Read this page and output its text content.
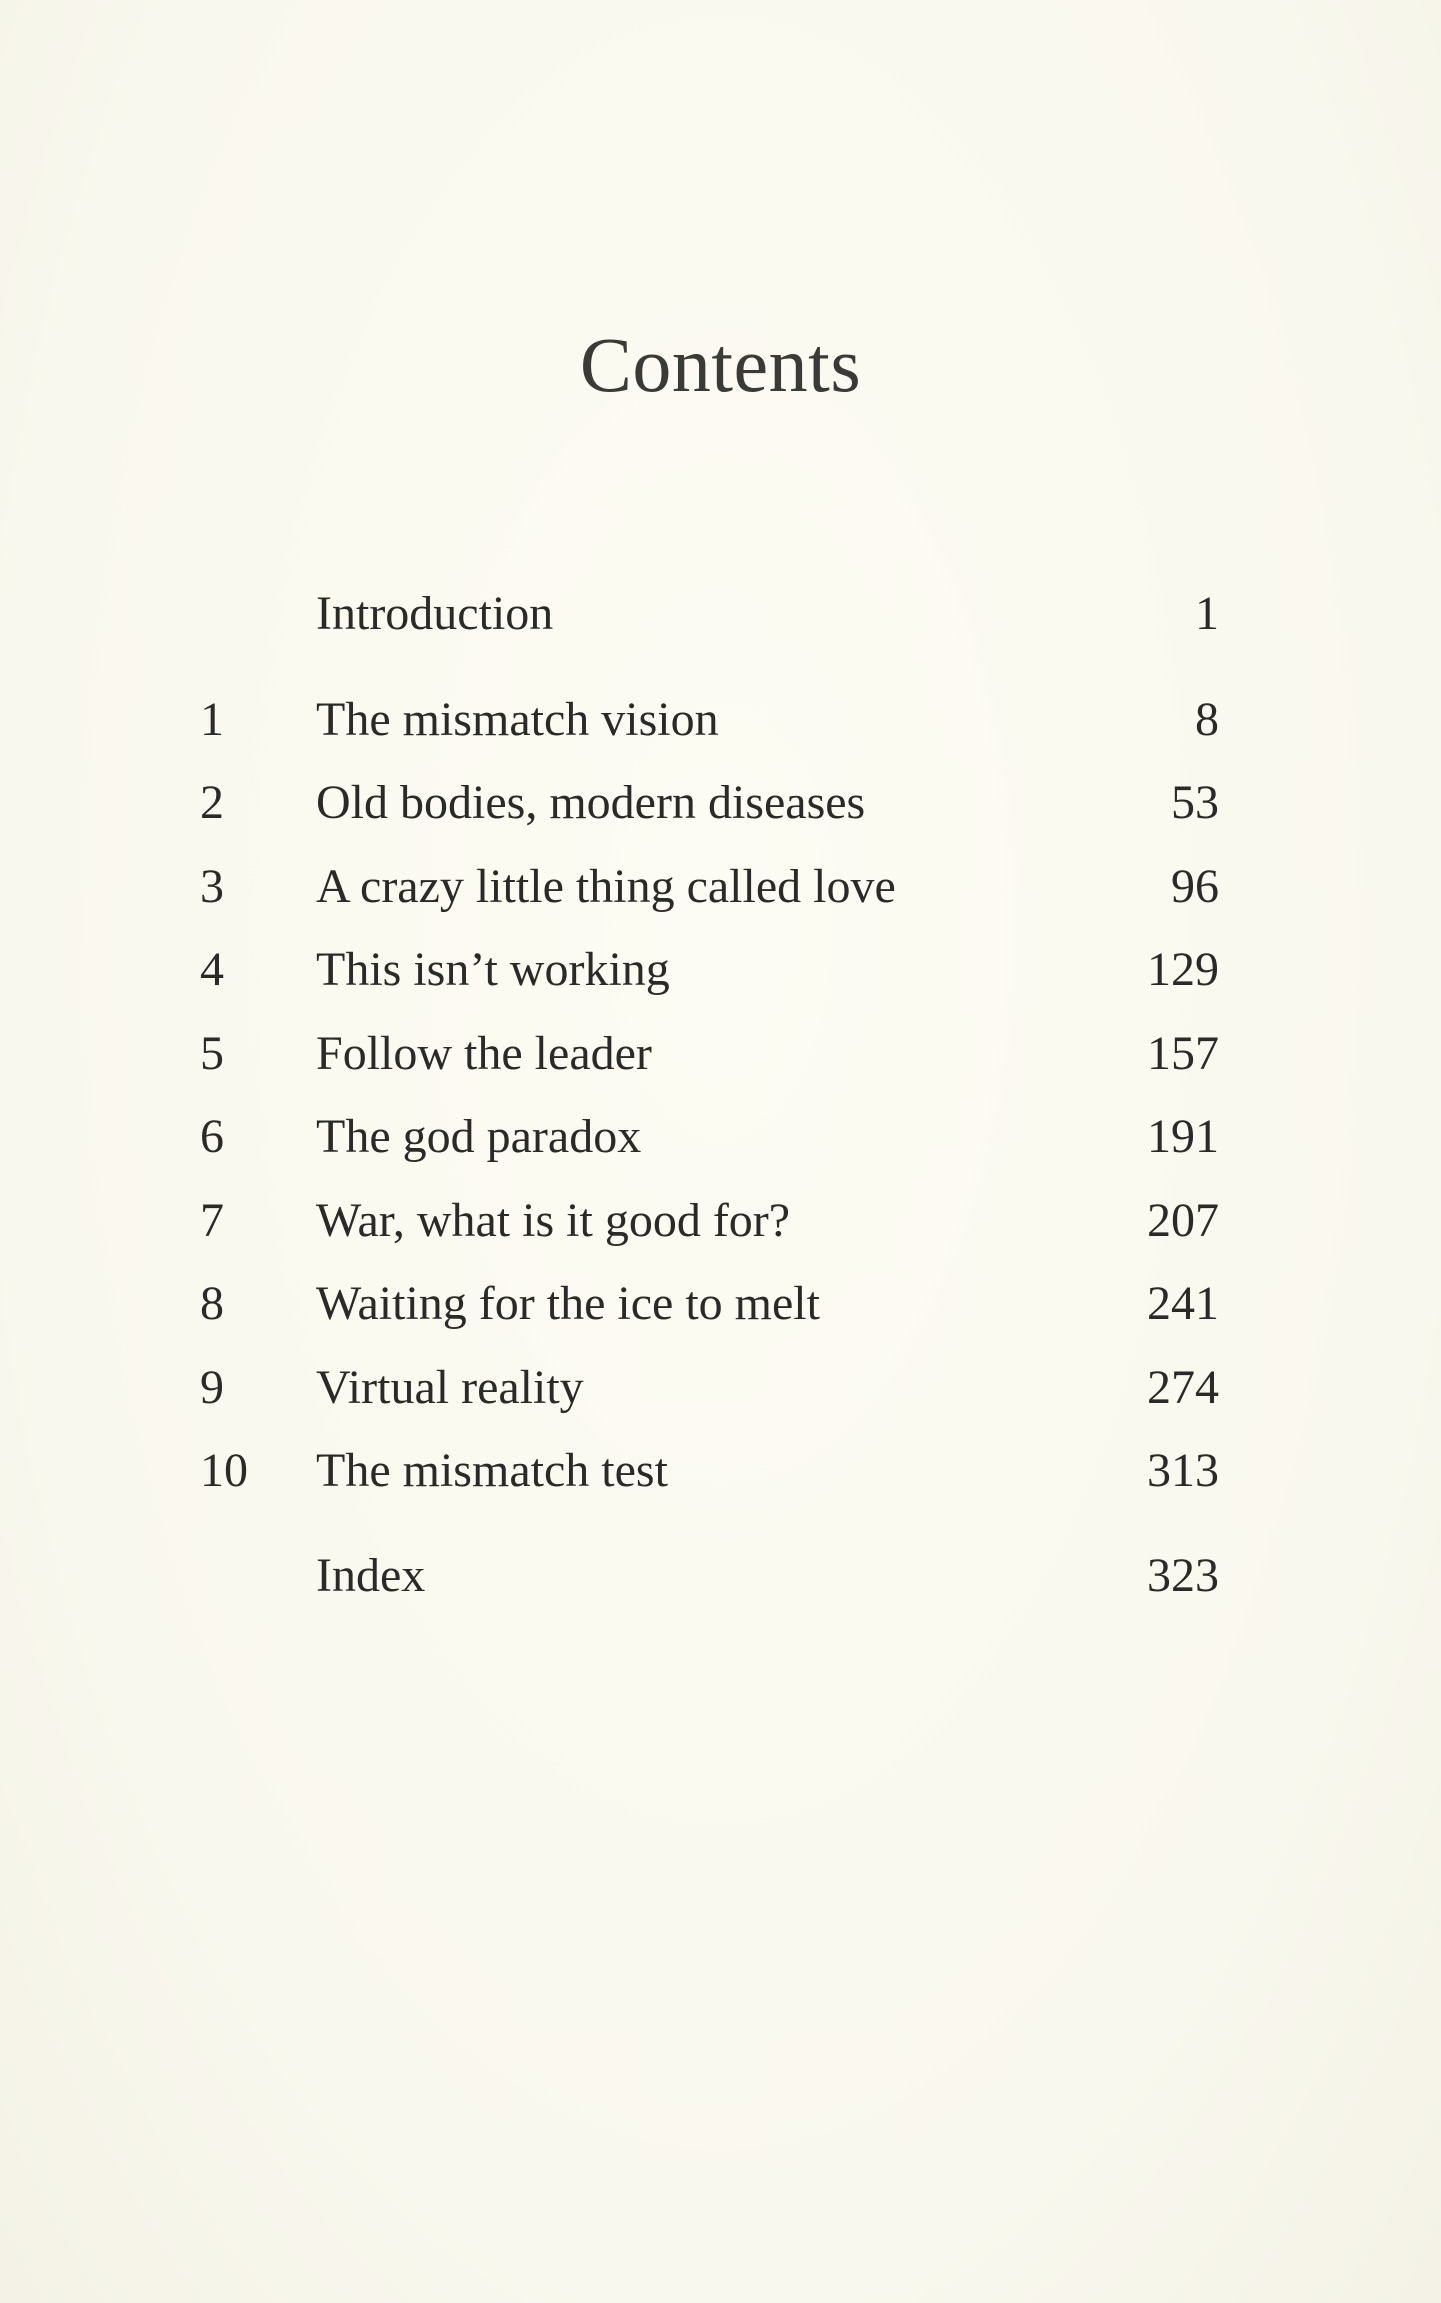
Contents
Introduction	1
1	The mismatch vision	8
2	Old bodies, modern diseases	53
3	A crazy little thing called love	96
4	This isn’t working	129
5	Follow the leader	157
6	The god paradox	191
7	War, what is it good for?	207
8	Waiting for the ice to melt	241
9	Virtual reality	274
10	The mismatch test	313
Index	323
